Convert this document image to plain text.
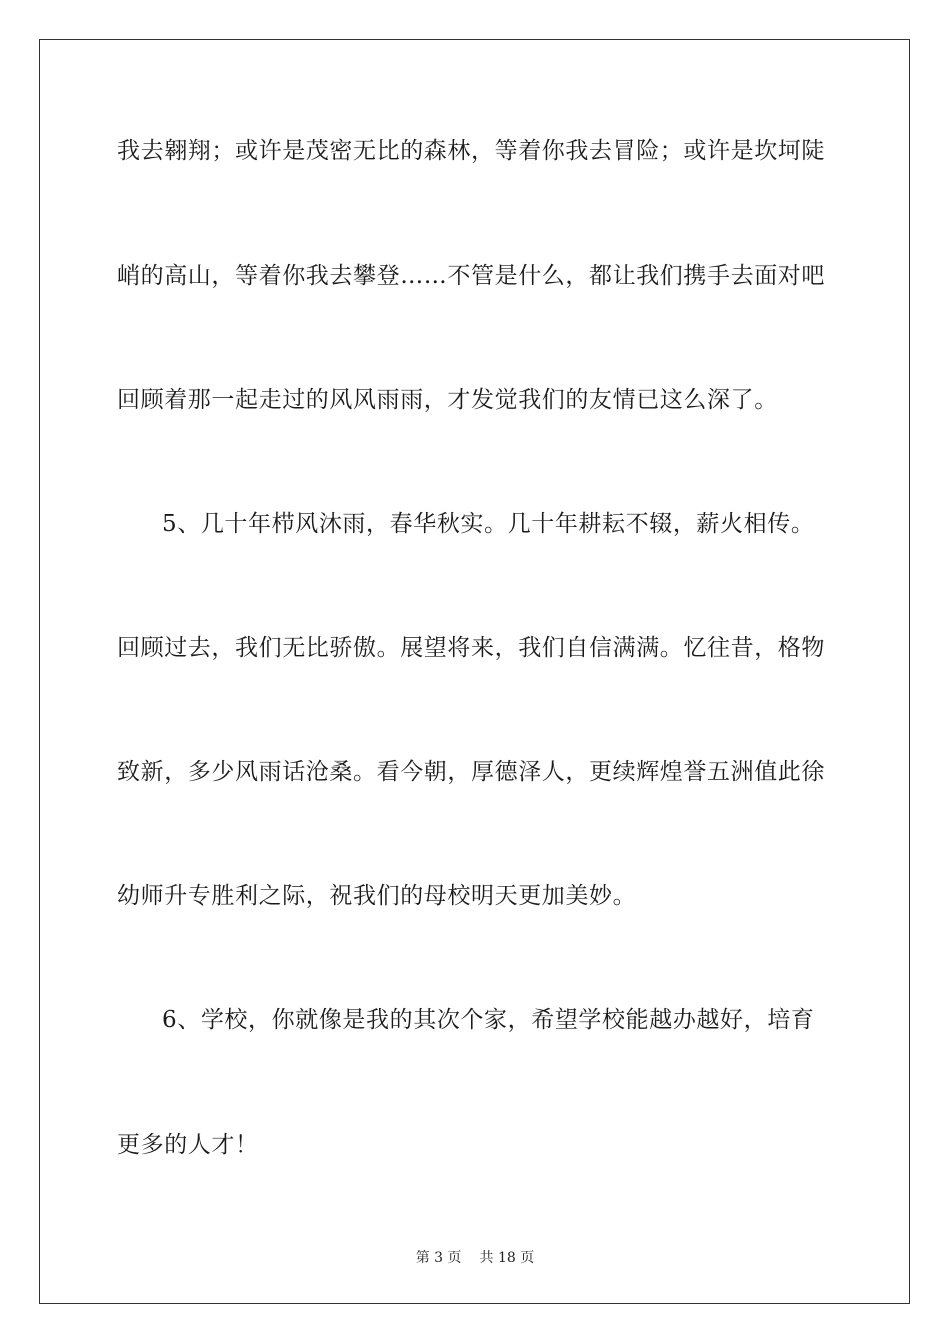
我去翱翔；或许是茂密无比的森林，等着你我去冒险；或许是坎坷陡
峭的高山，等着你我去攀登……不管是什么，都让我们携手去面对吧
回顾着那一起走过的风风雨雨，才发觉我们的友情已这么深了。
5、几十年栉风沐雨，春华秋实。几十年耕耘不辍，薪火相传。
回顾过去，我们无比骄傲。展望将来，我们自信满满。忆往昔，格物
致新，多少风雨话沧桑。看今朝，厚德泽人，更续辉煌誉五洲值此徐
幼师升专胜利之际，祝我们的母校明天更加美妙。
6、学校，你就像是我的其次个家，希望学校能越办越好，培育
更多的人才！
第 3 页 共 18 页
